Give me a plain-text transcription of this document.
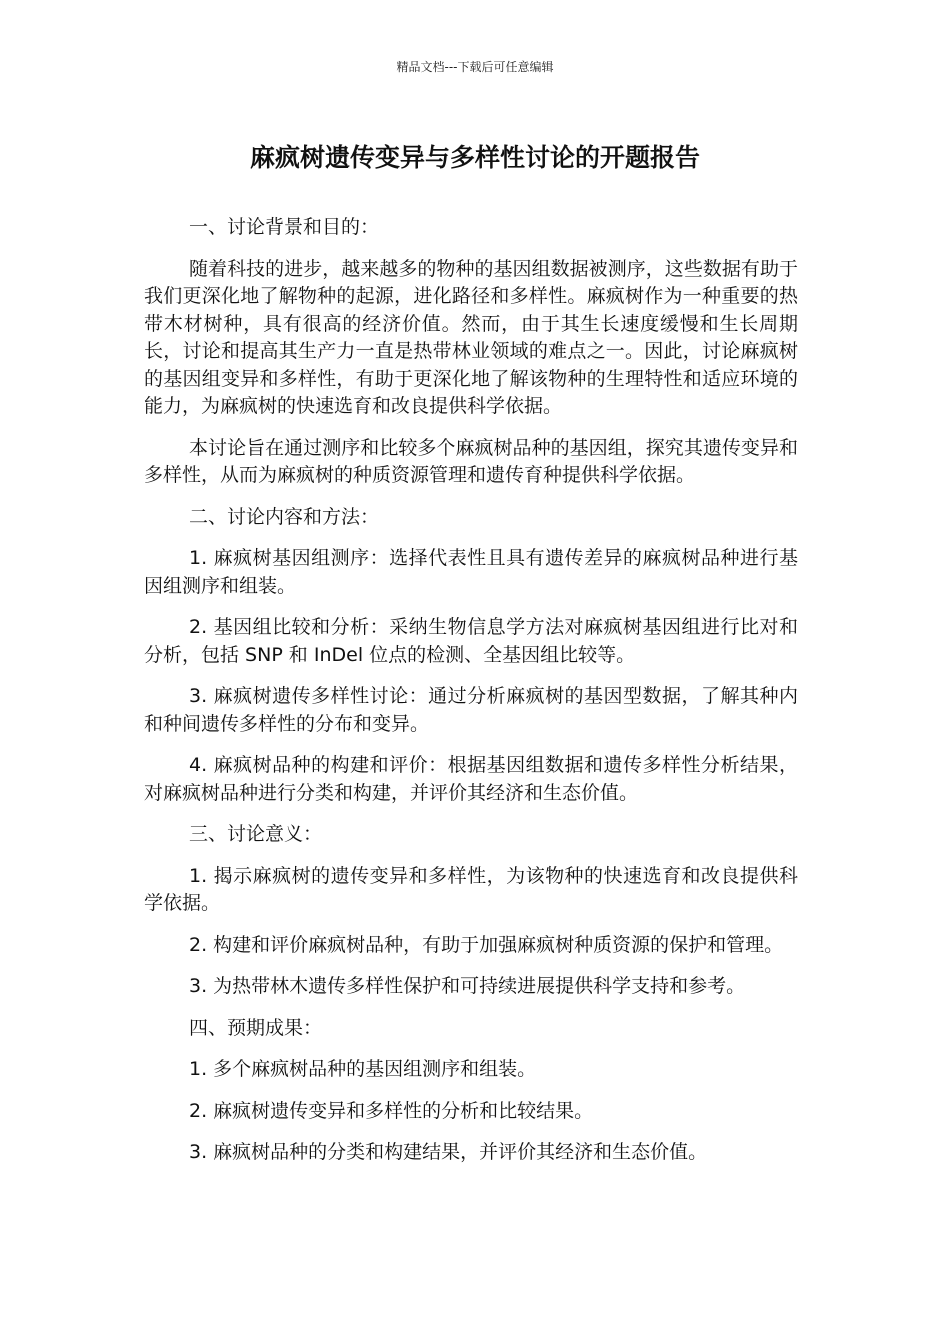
精品文档---下载后可任意编辑
麻疯树遗传变异与多样性讨论的开题报告

一、讨论背景和目的：

随着科技的进步，越来越多的物种的基因组数据被测序，这些数据有助于我们更深化地了解物种的起源，进化路径和多样性。麻疯树作为一种重要的热带木材树种，具有很高的经济价值。然而，由于其生长速度缓慢和生长周期长，讨论和提高其生产力一直是热带林业领域的难点之一。因此，讨论麻疯树的基因组变异和多样性，有助于更深化地了解该物种的生理特性和适应环境的能力，为麻疯树的快速选育和改良提供科学依据。

本讨论旨在通过测序和比较多个麻疯树品种的基因组，探究其遗传变异和多样性，从而为麻疯树的种质资源管理和遗传育种提供科学依据。

二、讨论内容和方法：

1. 麻疯树基因组测序：选择代表性且具有遗传差异的麻疯树品种进行基因组测序和组装。

2. 基因组比较和分析：采纳生物信息学方法对麻疯树基因组进行比对和分析，包括 SNP 和 InDel 位点的检测、全基因组比较等。

3. 麻疯树遗传多样性讨论：通过分析麻疯树的基因型数据，了解其种内和种间遗传多样性的分布和变异。

4. 麻疯树品种的构建和评价：根据基因组数据和遗传多样性分析结果，对麻疯树品种进行分类和构建，并评价其经济和生态价值。

三、讨论意义：

1. 揭示麻疯树的遗传变异和多样性，为该物种的快速选育和改良提供科学依据。

2. 构建和评价麻疯树品种，有助于加强麻疯树种质资源的保护和管理。

3. 为热带林木遗传多样性保护和可持续进展提供科学支持和参考。

四、预期成果：

1. 多个麻疯树品种的基因组测序和组装。

2. 麻疯树遗传变异和多样性的分析和比较结果。

3. 麻疯树品种的分类和构建结果，并评价其经济和生态价值。
